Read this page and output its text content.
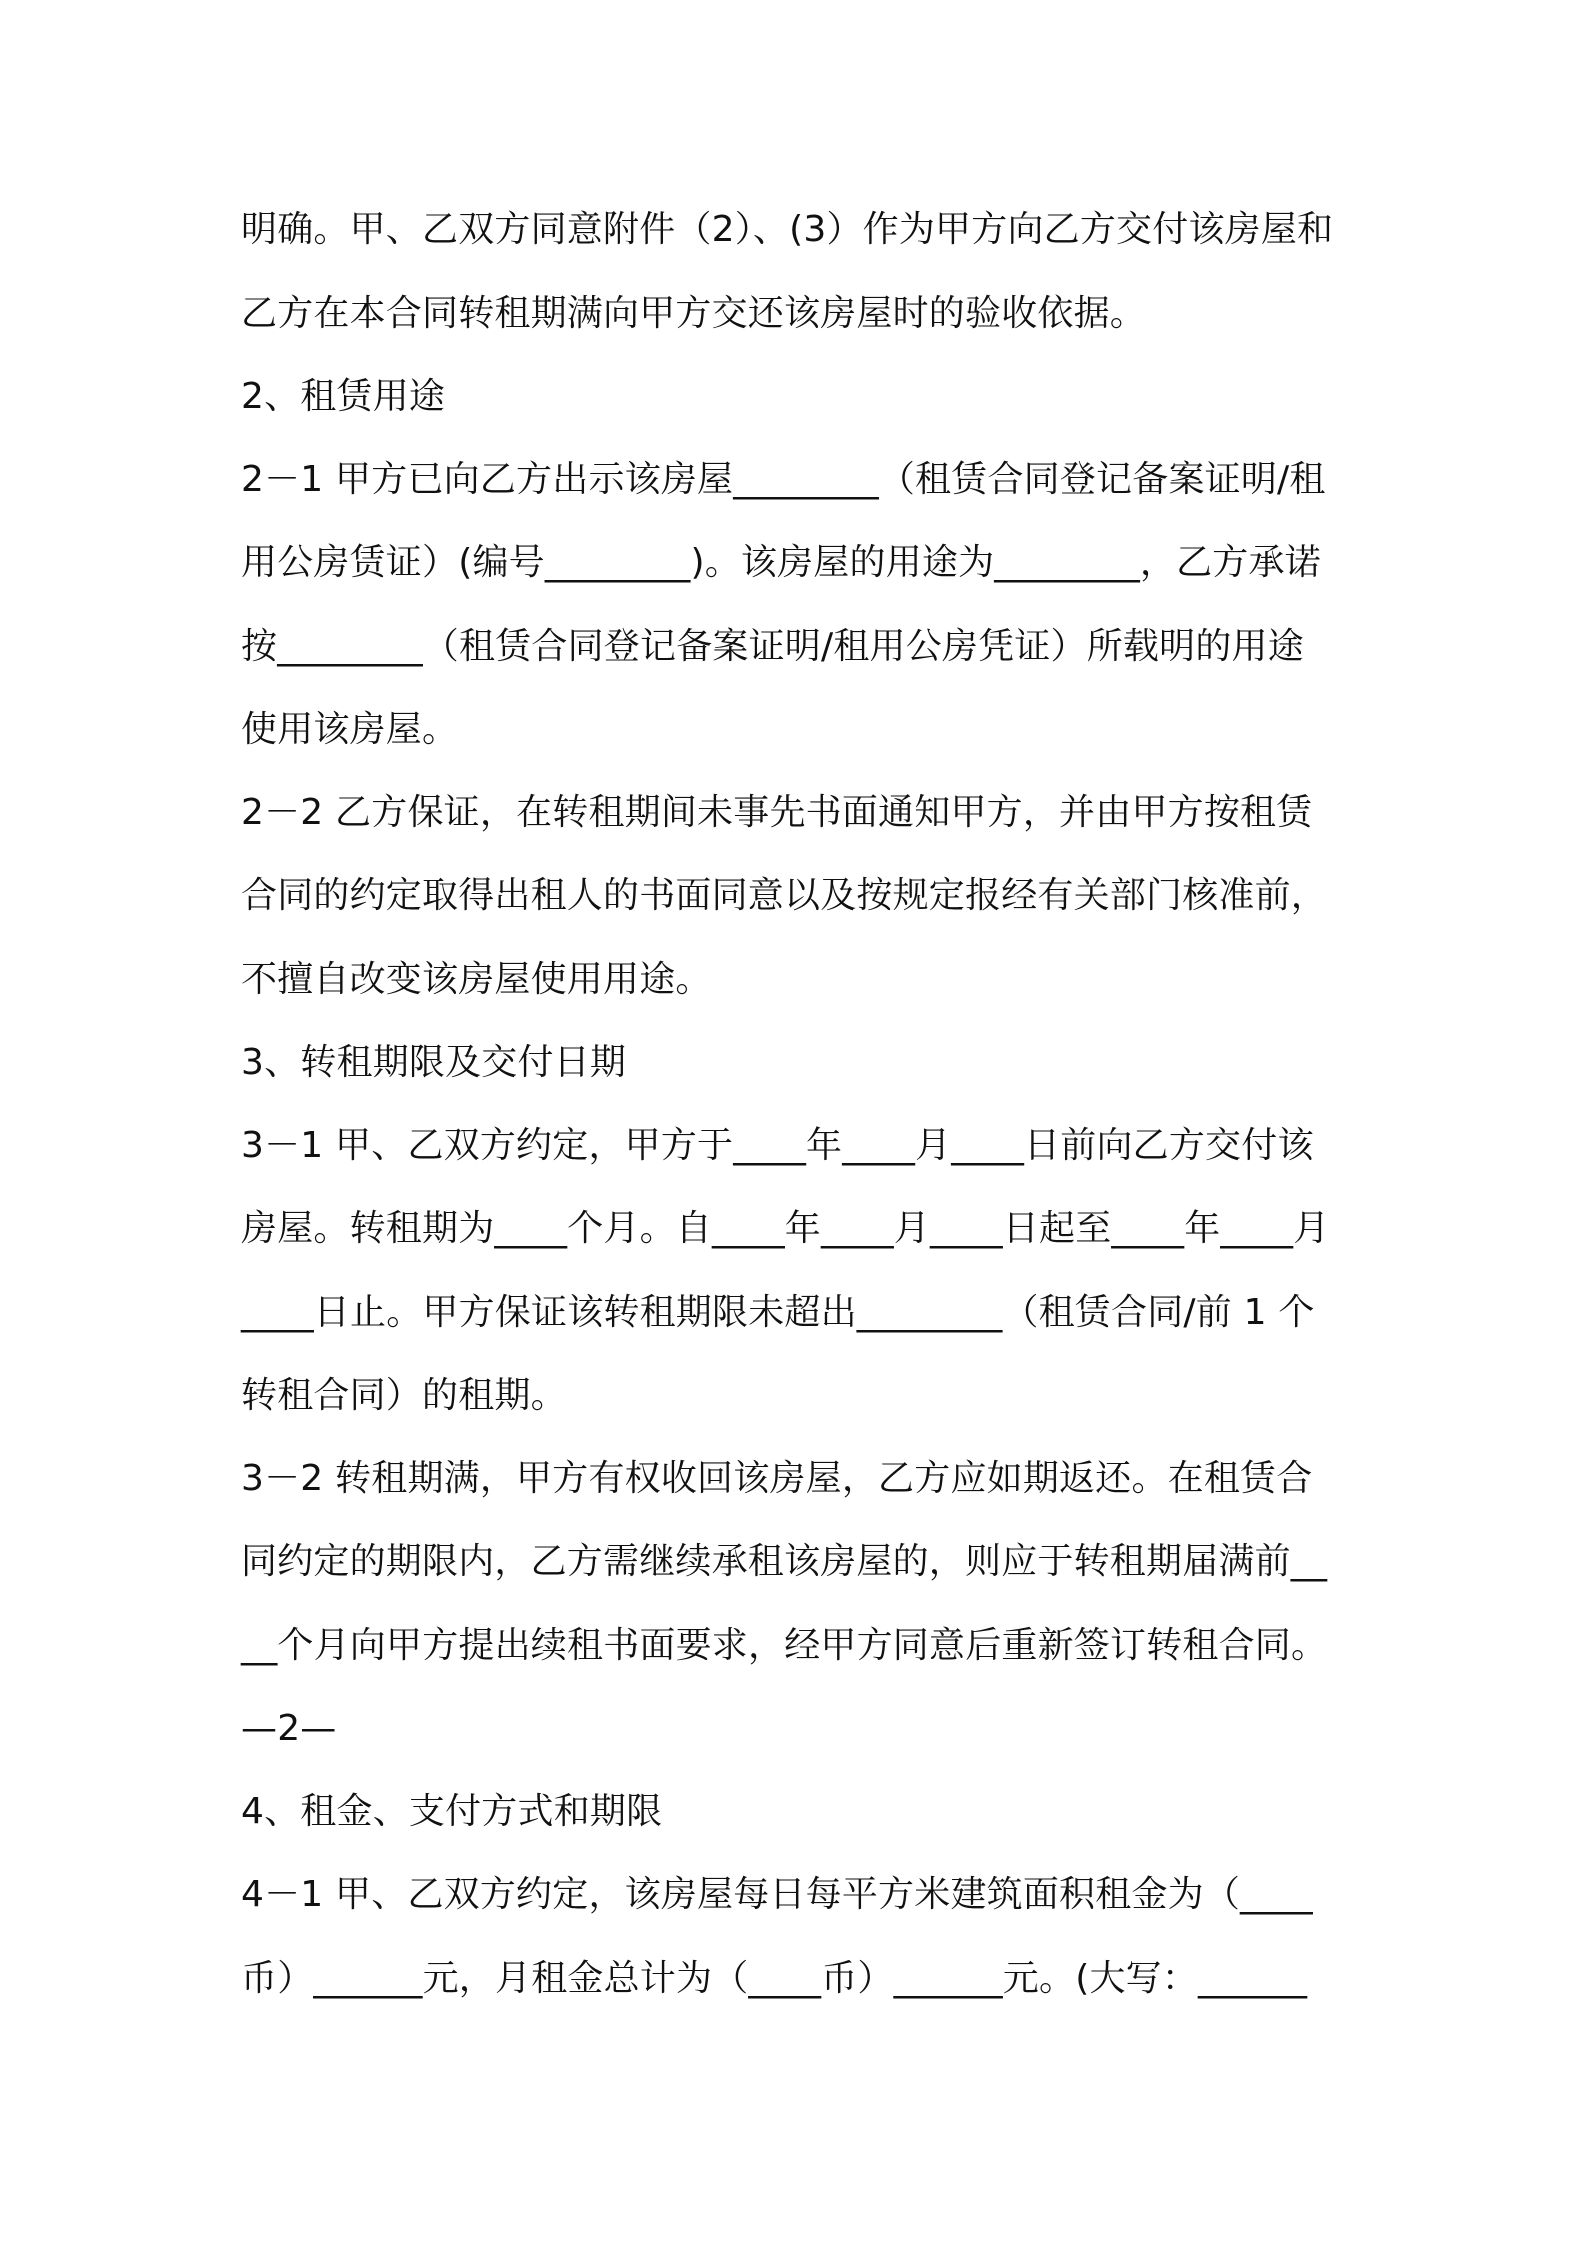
明确。甲、乙双方同意附件（2）、(3）作为甲方向乙方交付该房屋和
乙方在本合同转租期满向甲方交还该房屋时的验收依据。
2、租赁用途
2－1 甲方已向乙方出示该房屋________（租赁合同登记备案证明/租
用公房赁证）(编号________)。该房屋的用途为________，乙方承诺
按________（租赁合同登记备案证明/租用公房凭证）所载明的用途
使用该房屋。
2－2 乙方保证，在转租期间未事先书面通知甲方，并由甲方按租赁
合同的约定取得出租人的书面同意以及按规定报经有关部门核准前，
不擅自改变该房屋使用用途。
3、转租期限及交付日期
3－1 甲、乙双方约定，甲方于____年____月____日前向乙方交付该
房屋。转租期为____个月。自____年____月____日起至____年____月
____日止。甲方保证该转租期限未超出________（租赁合同/前 1 个
转租合同）的租期。
3－2 转租期满，甲方有权收回该房屋，乙方应如期返还。在租赁合
同约定的期限内，乙方需继续承租该房屋的，则应于转租期届满前__
__个月向甲方提出续租书面要求，经甲方同意后重新签订转租合同。
—2—
4、租金、支付方式和期限
4－1 甲、乙双方约定，该房屋每日每平方米建筑面积租金为（____
币）______元，月租金总计为（____币）______元。(大写：______
